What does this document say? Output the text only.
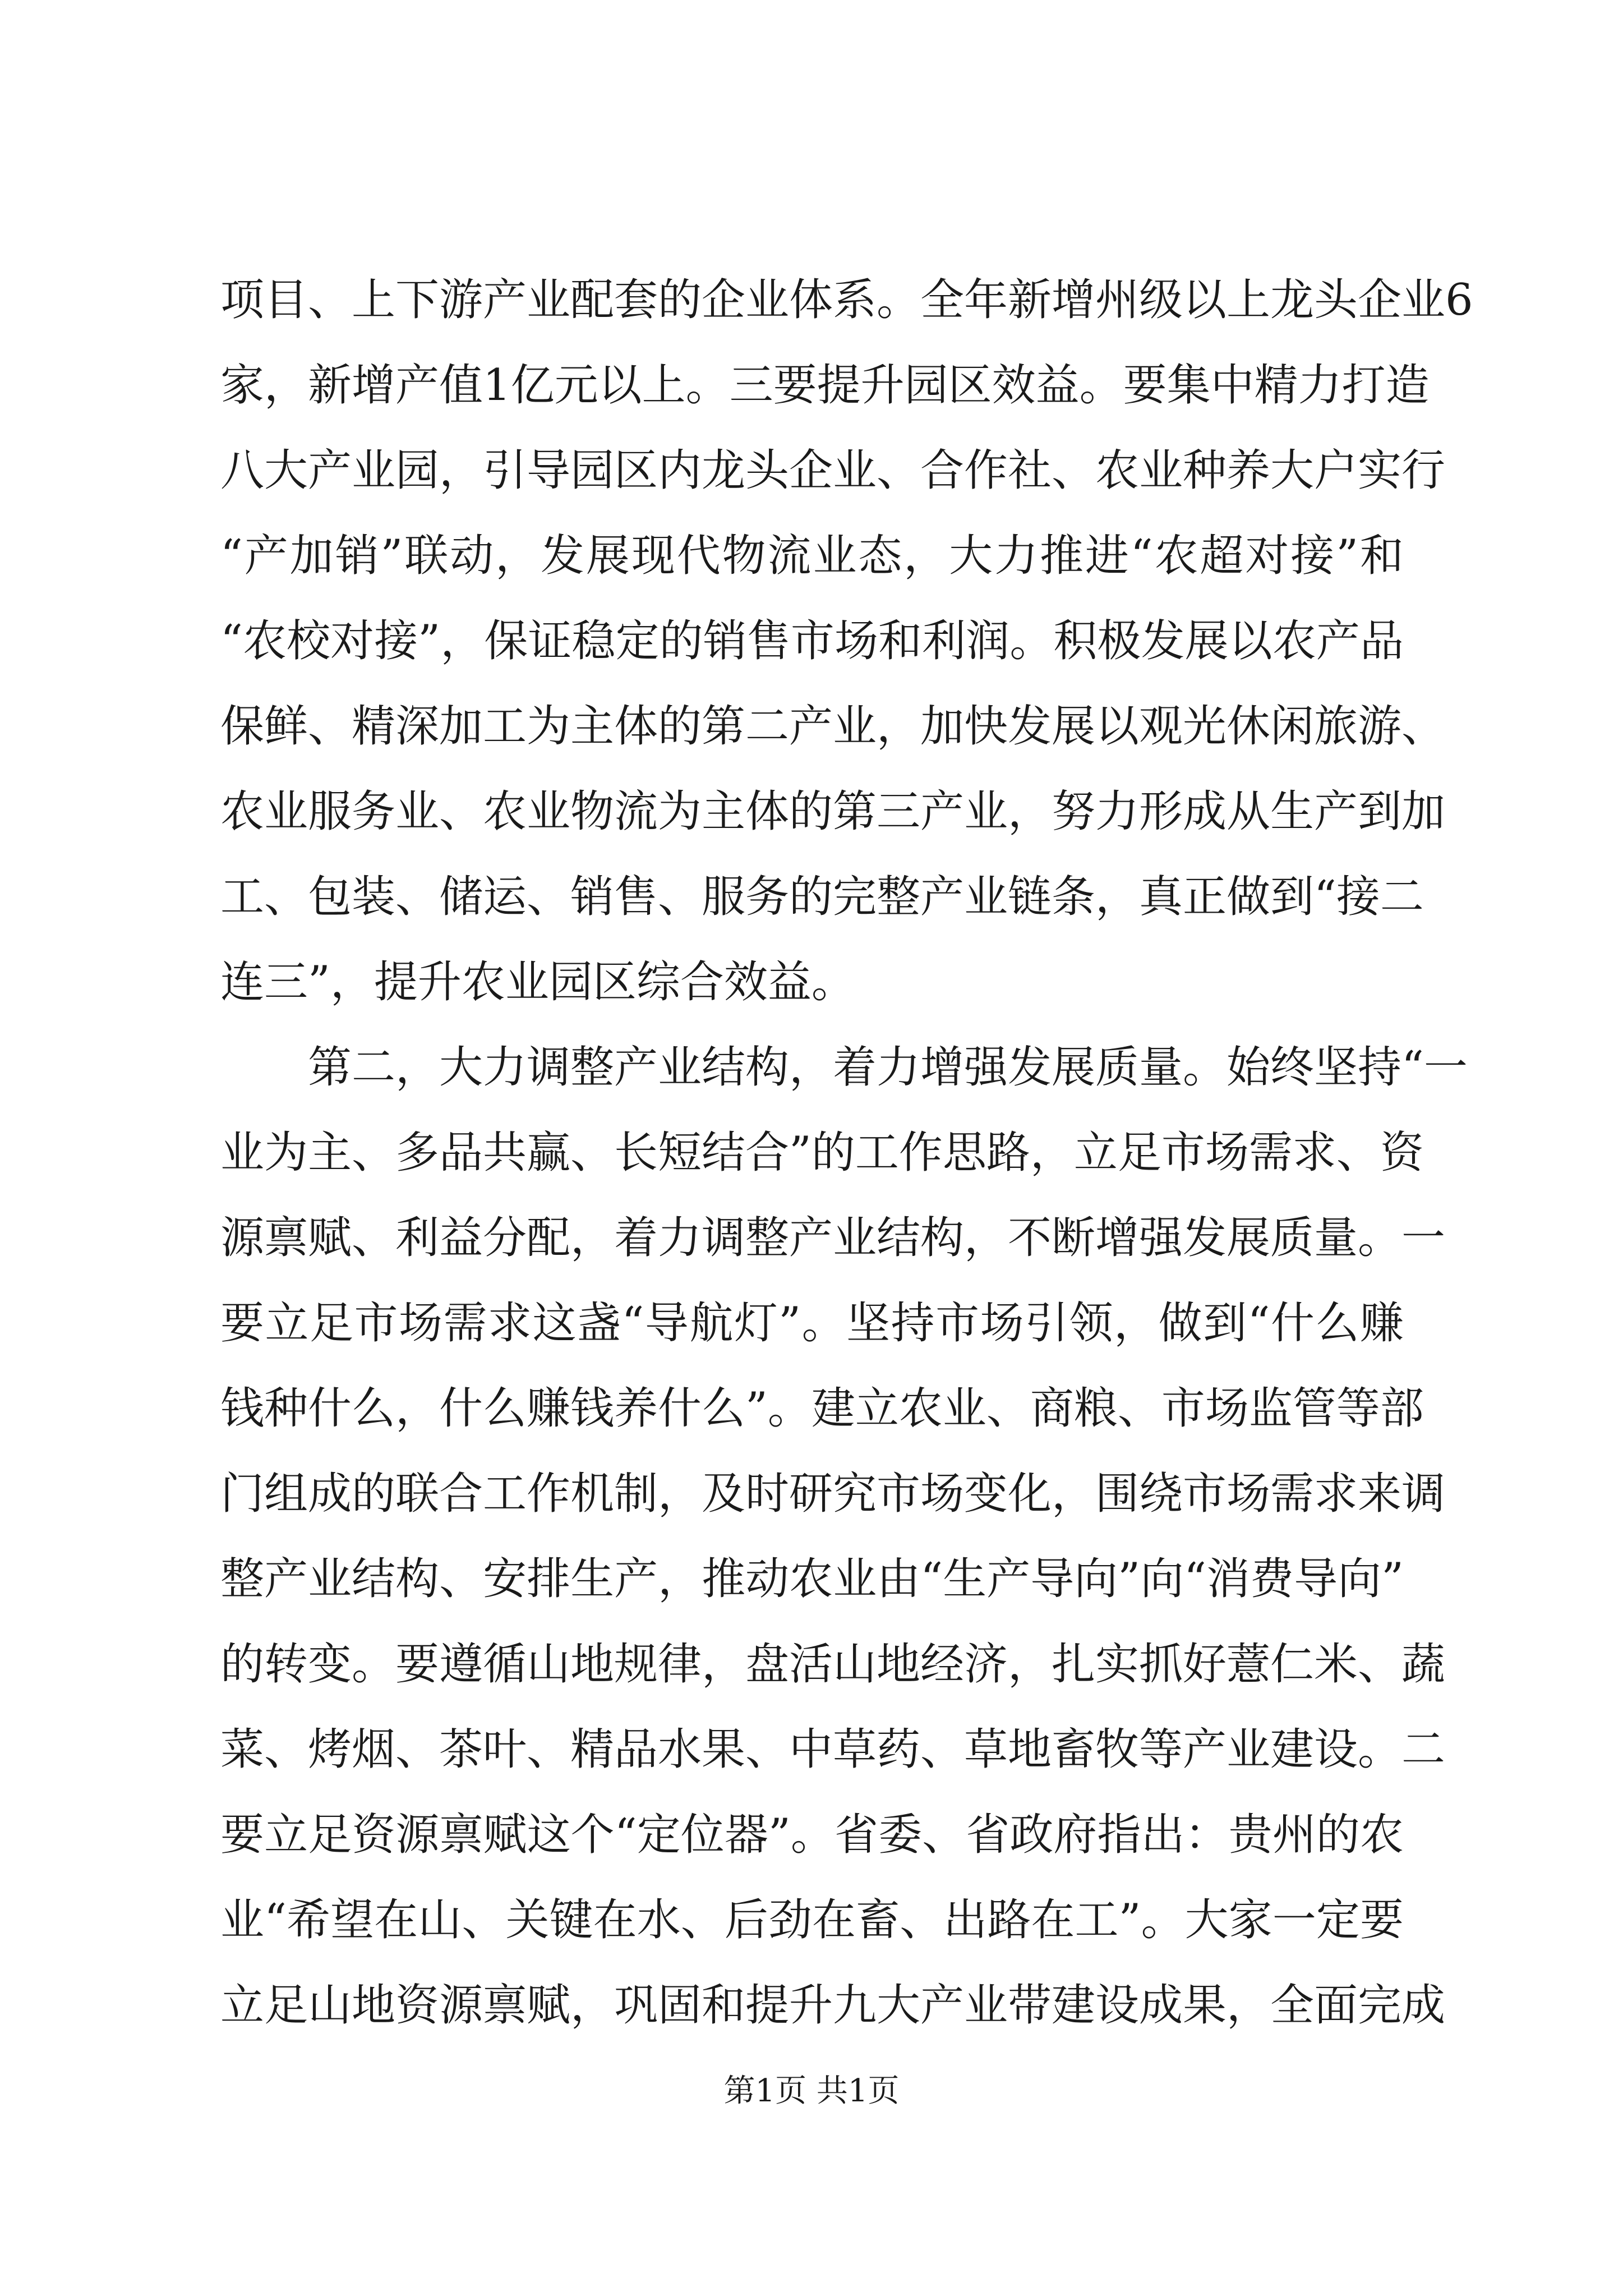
项目、上下游产业配套的企业体系。全年新增州级以上龙头企业6
家，新增产值1亿元以上。三要提升园区效益。要集中精力打造
八大产业园，引导园区内龙头企业、合作社、农业种养大户实行
“产加销”联动，发展现代物流业态，大力推进“农超对接”和
“农校对接”，保证稳定的销售市场和利润。积极发展以农产品
保鲜、精深加工为主体的第二产业，加快发展以观光休闲旅游、
农业服务业、农业物流为主体的第三产业，努力形成从生产到加
工、包装、储运、销售、服务的完整产业链条，真正做到“接二
连三”，提升农业园区综合效益。
第二，大力调整产业结构，着力增强发展质量。始终坚持“一
业为主、多品共赢、长短结合”的工作思路，立足市场需求、资
源禀赋、利益分配，着力调整产业结构，不断增强发展质量。一
要立足市场需求这盏“导航灯”。坚持市场引领，做到“什么赚
钱种什么，什么赚钱养什么”。建立农业、商粮、市场监管等部
门组成的联合工作机制，及时研究市场变化，围绕市场需求来调
整产业结构、安排生产，推动农业由“生产导向”向“消费导向”
的转变。要遵循山地规律，盘活山地经济，扎实抓好薏仁米、蔬
菜、烤烟、茶叶、精品水果、中草药、草地畜牧等产业建设。二
要立足资源禀赋这个“定位器”。省委、省政府指出：贵州的农
业“希望在山、关键在水、后劲在畜、出路在工”。大家一定要
立足山地资源禀赋，巩固和提升九大产业带建设成果，全面完成
第1页 共1页
